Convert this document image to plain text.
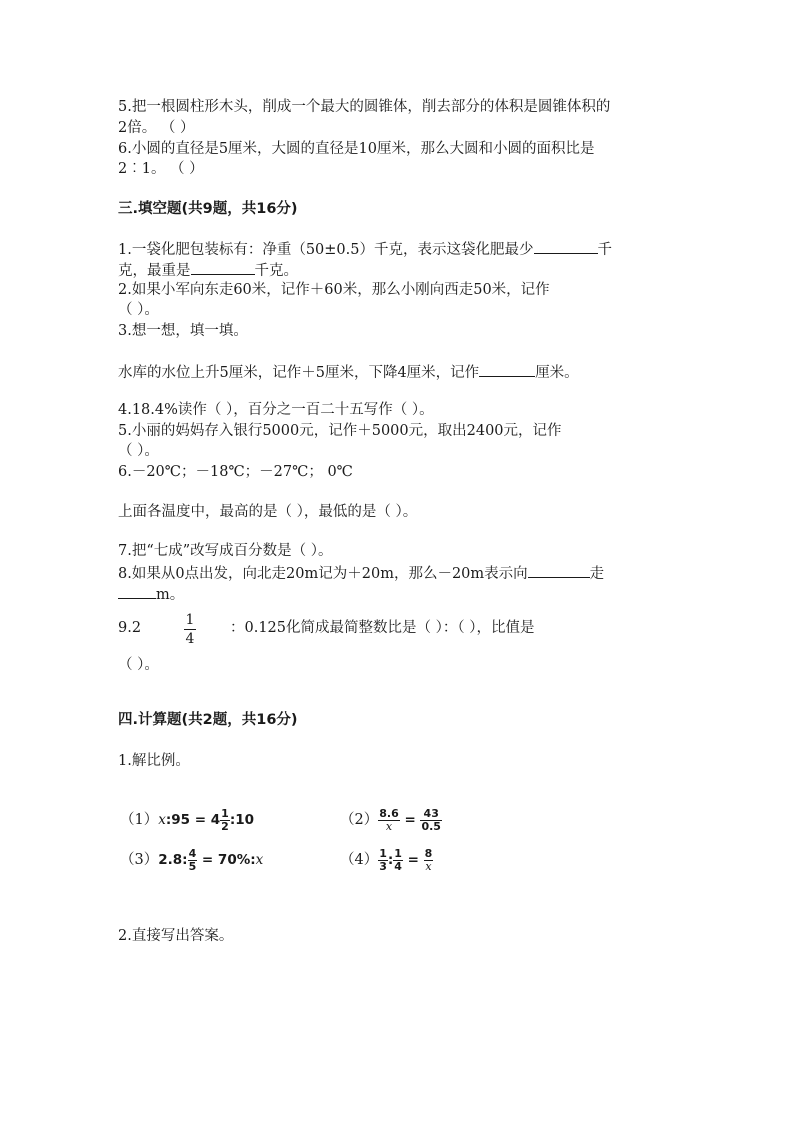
5.把一根圆柱形木头，削成一个最大的圆锥体，削去部分的体积是圆锥体积的
2倍。 （ ）
6.小圆的直径是5厘米，大圆的直径是10厘米，那么大圆和小圆的面积比是
2︰1。 （ ）
三.填空题(共9题，共16分)
1.一袋化肥包装标有：净重（50±0.5）千克，表示这袋化肥最少	千
克，最重是	千克。
2.如果小军向东走60米，记作＋60米，那么小刚向西走50米，记作
（ ）。
3.想一想，填一填。
水库的水位上升5厘米，记作＋5厘米，下降4厘米，记作	厘米。
4.18.4%读作（ ），百分之一百二十五写作（ ）。
5.小丽的妈妈存入银行5000元，记作＋5000元，取出2400元，记作
（ ）。
6.－20℃；－18℃；－27℃； 0℃
上面各温度中，最高的是（ ），最低的是（ ）。
7.把“七成”改写成百分数是（ ）。
8.如果从0点出发，向北走20m记为＋20m，那么－20m表示向	走
m。
9.2	1
4
：0.125化简成最简整数比是（ ）：（ ），比值是
（ ）。
四.计算题(共2题，共16分)
1.解比例。
（1）x:95 = $4 \frac{1}{2}$ :10	$(2) \frac{8.6}{x} = \frac{43}{0.5}$
（3）2.8: $\frac{4}{5}$ = 70%:x	$(4) \frac{1}{3}$ : $\frac{1}{4} = \frac{8}{x}$
2.直接写出答案。
